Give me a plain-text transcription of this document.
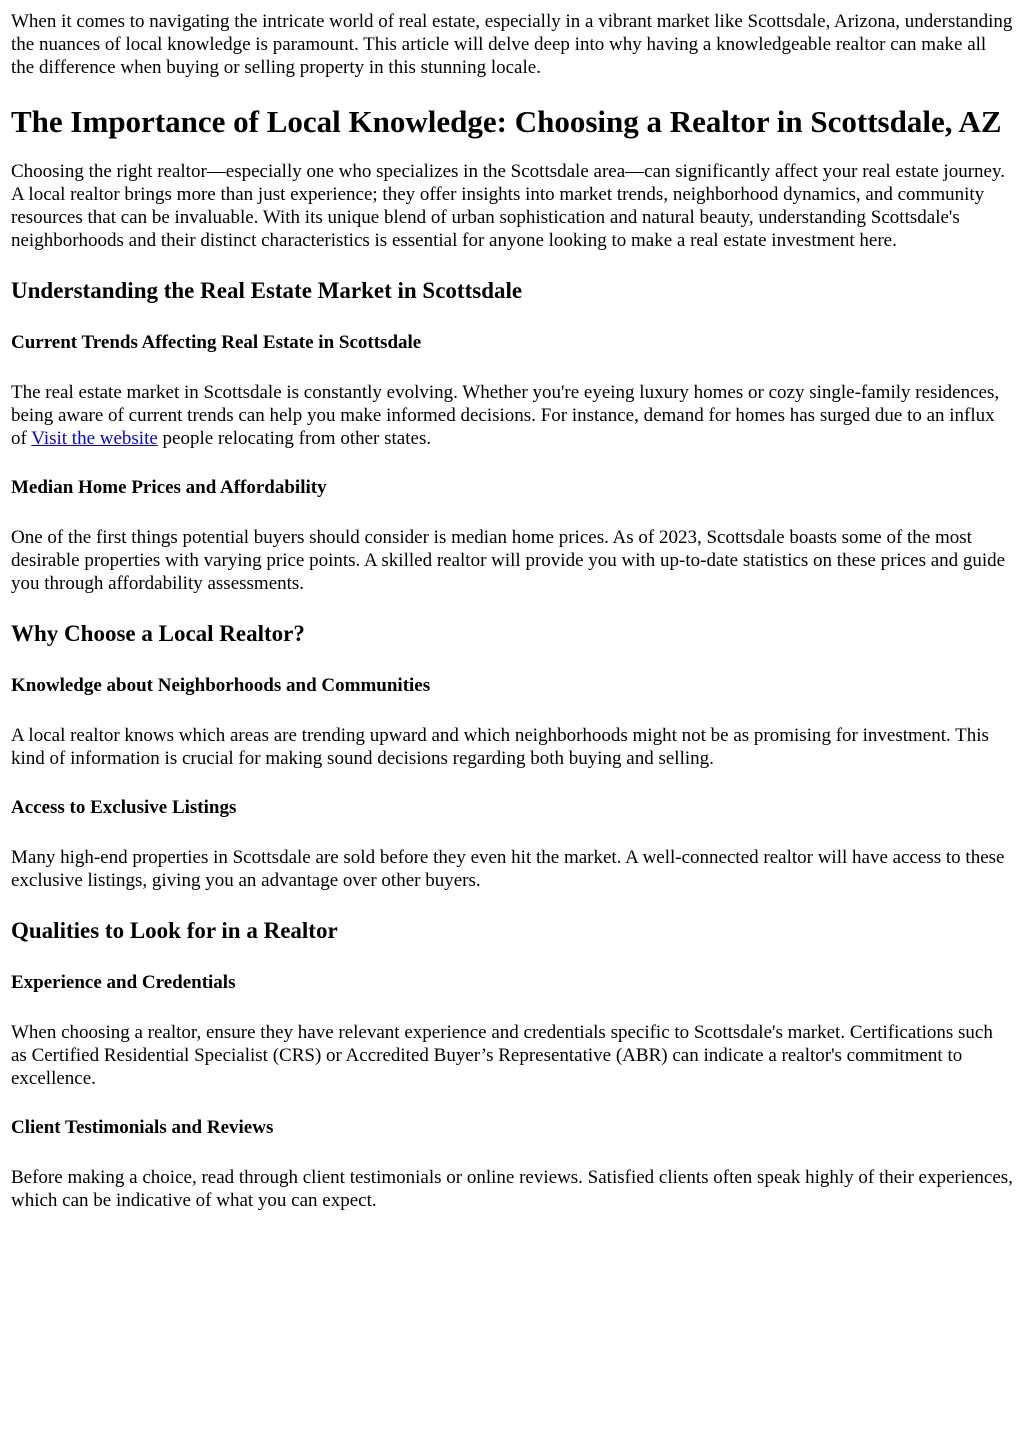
When it comes to navigating the intricate world of real estate, especially in a vibrant market like Scottsdale, Arizona, understanding the nuances of local knowledge is paramount. This article will delve deep into why having a knowledgeable realtor can make all the difference when buying or selling property in this stunning locale.

The Importance of Local Knowledge: Choosing a Realtor in Scottsdale, AZ

Choosing the right realtor—especially one who specializes in the Scottsdale area—can significantly affect your real estate journey. A local realtor brings more than just experience; they offer insights into market trends, neighborhood dynamics, and community resources that can be invaluable. With its unique blend of urban sophistication and natural beauty, understanding Scottsdale's neighborhoods and their distinct characteristics is essential for anyone looking to make a real estate investment here.

Understanding the Real Estate Market in Scottsdale
Current Trends Affecting Real Estate in Scottsdale

The real estate market in Scottsdale is constantly evolving. Whether you're eyeing luxury homes or cozy single-family residences, being aware of current trends can help you make informed decisions. For instance, demand for homes has surged due to an influx of Visit the website people relocating from other states.

Median Home Prices and Affordability

One of the first things potential buyers should consider is median home prices. As of 2023, Scottsdale boasts some of the most desirable properties with varying price points. A skilled realtor will provide you with up-to-date statistics on these prices and guide you through affordability assessments.

Why Choose a Local Realtor?
Knowledge about Neighborhoods and Communities

A local realtor knows which areas are trending upward and which neighborhoods might not be as promising for investment. This kind of information is crucial for making sound decisions regarding both buying and selling.

Access to Exclusive Listings

Many high-end properties in Scottsdale are sold before they even hit the market. A well-connected realtor will have access to these exclusive listings, giving you an advantage over other buyers.

Qualities to Look for in a Realtor
Experience and Credentials

When choosing a realtor, ensure they have relevant experience and credentials specific to Scottsdale's market. Certifications such as Certified Residential Specialist (CRS) or Accredited Buyer’s Representative (ABR) can indicate a realtor's commitment to excellence.

Client Testimonials and Reviews

Before making a choice, read through client testimonials or online reviews. Satisfied clients often speak highly of their experiences, which can be indicative of what you can expect.
